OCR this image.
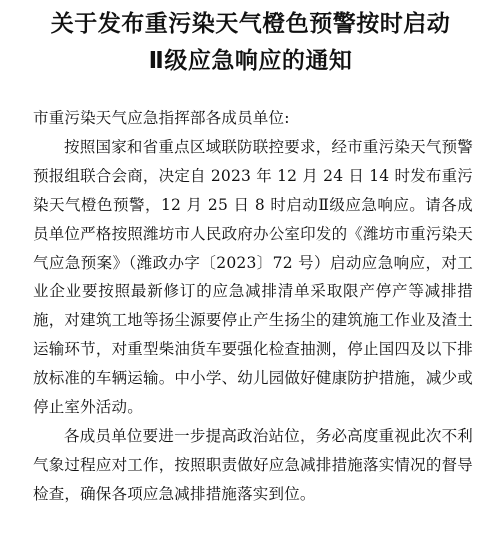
关于发布重污染天气橙色预警按时启动
Ⅱ级应急响应的通知

市重污染天气应急指挥部各成员单位:

按照国家和省重点区域联防联控要求，经市重污染天气预警预报组联合会商，决定自 2023 年 12 月 24 日 14 时发布重污染天气橙色预警，12 月 25 日 8 时启动Ⅱ级应急响应。请各成员单位严格按照潍坊市人民政府办公室印发的《潍坊市重污染天气应急预案》（潍政办字〔2023〕72 号）启动应急响应，对工业企业要按照最新修订的应急减排清单采取限产停产等减排措施，对建筑工地等扬尘源要停止产生扬尘的建筑施工作业及渣土运输环节，对重型柴油货车要强化检查抽测，停止国四及以下排放标准的车辆运输。中小学、幼儿园做好健康防护措施，减少或停止室外活动。

各成员单位要进一步提高政治站位，务必高度重视此次不利气象过程应对工作，按照职责做好应急减排措施落实情况的督导检查，确保各项应急减排措施落实到位。
